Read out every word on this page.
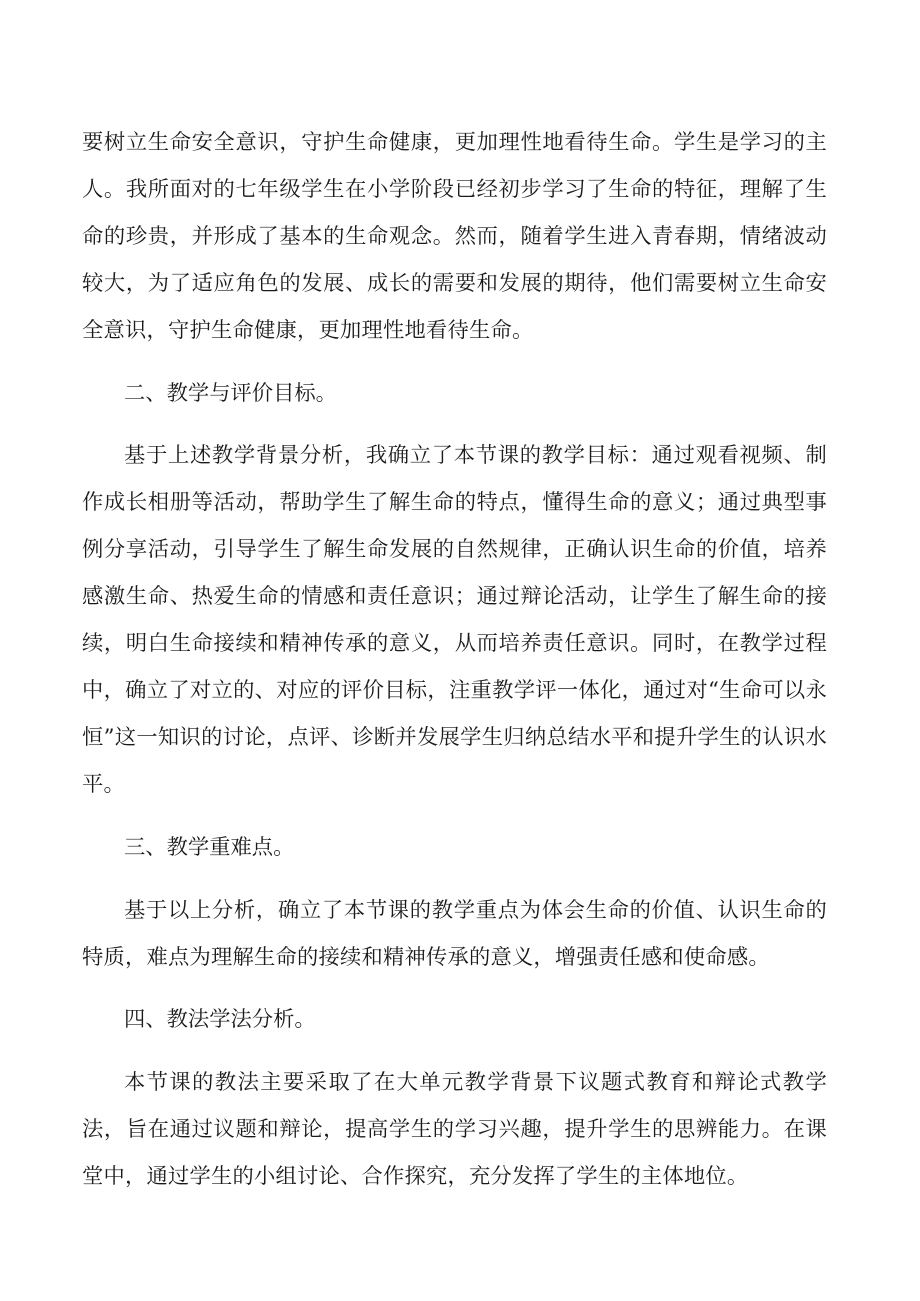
要树立生命安全意识，守护生命健康，更加理性地看待生命。学生是学习的主人。我所面对的七年级学生在小学阶段已经初步学习了生命的特征，理解了生命的珍贵，并形成了基本的生命观念。然而，随着学生进入青春期，情绪波动较大，为了适应角色的发展、成长的需要和发展的期待，他们需要树立生命安全意识，守护生命健康，更加理性地看待生命。

二、教学与评价目标。

基于上述教学背景分析，我确立了本节课的教学目标：通过观看视频、制作成长相册等活动，帮助学生了解生命的特点，懂得生命的意义；通过典型事例分享活动，引导学生了解生命发展的自然规律，正确认识生命的价值，培养感激生命、热爱生命的情感和责任意识；通过辩论活动，让学生了解生命的接续，明白生命接续和精神传承的意义，从而培养责任意识。同时，在教学过程中，确立了对立的、对应的评价目标，注重教学评一体化，通过对“生命可以永恒”这一知识的讨论，点评、诊断并发展学生归纳总结水平和提升学生的认识水平。

三、教学重难点。

基于以上分析，确立了本节课的教学重点为体会生命的价值、认识生命的特质，难点为理解生命的接续和精神传承的意义，增强责任感和使命感。

四、教法学法分析。

本节课的教法主要采取了在大单元教学背景下议题式教育和辩论式教学法，旨在通过议题和辩论，提高学生的学习兴趣，提升学生的思辨能力。在课堂中，通过学生的小组讨论、合作探究，充分发挥了学生的主体地位。
